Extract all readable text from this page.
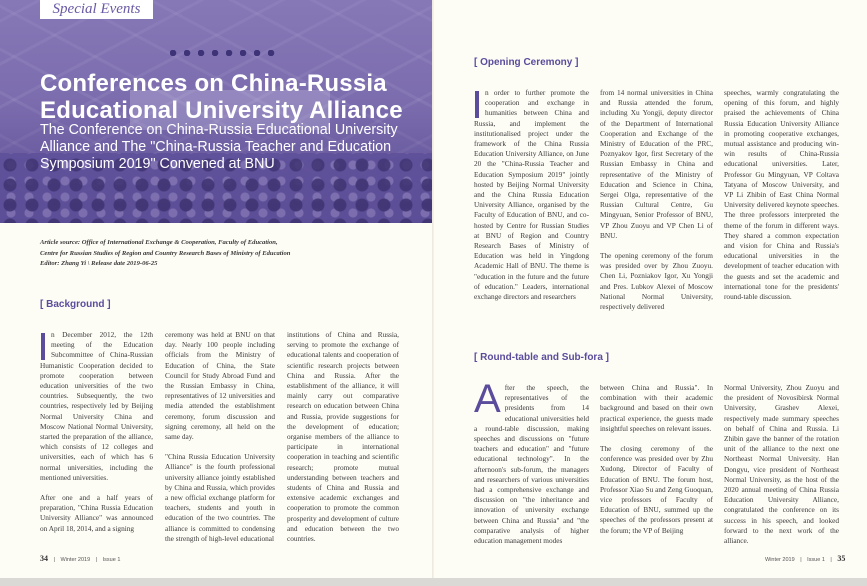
Special Events
Conferences on China-Russia Educational University Alliance
The Conference on China-Russia Educational University Alliance and The "China-Russia Teacher and Education Symposium 2019" Convened at BNU
Article source: Office of International Exchange & Cooperation, Faculty of Education,
Centre for Russian Studies of Region and Country Research Bases of Ministry of Education
Editor: Zhang Yi \ Release date 2019-06-25
[ Background ]

n December 2012, the 12th meeting of the Education Subcommittee of China-Russian Humanistic Cooperation decided to promote cooperation between education universities of the two countries. Subsequently, the two countries, respectively led by Beijing Normal University China and Moscow National Normal University, started the preparation of the alliance, which consists of 12 colleges and universities, each of which has 6 normal universities, including the mentioned universities.

After one and a half years of preparation, "China Russia Education University Alliance" was announced on April 18, 2014, and a signing

ceremony was held at BNU on that day. Nearly 100 people including officials from the Ministry of Education of China, the State Council for Study Abroad Fund and the Russian Embassy in China, representatives of 12 universities and media attended the establishment ceremony, forum discussion and signing ceremony, all held on the same day.

"China Russia Education University Alliance" is the fourth professional university alliance jointly established by China and Russia, which provides a new official exchange platform for teachers, students and youth in education of the two countries. The alliance is committed to condensing the strength of high-level educational

institutions of China and Russia, serving to promote the exchange of educational talents and cooperation of scientific research projects between China and Russia. After the establishment of the alliance, it will mainly carry out comparative research on education between China and Russia, provide suggestions for the development of education; organise members of the alliance to participate in international cooperation in teaching and scientific research; promote mutual understanding between teachers and students of China and Russia and extensive academic exchanges and cooperation to promote the common prosperity and development of culture and education between the two countries.

34 | Winter 2019 | Issue 1
[ Opening Ceremony ]

n order to further promote the cooperation and exchange in humanities between China and Russia, and implement the institutionalised project under the framework of the China Russia Education University Alliance, on June 20 the "China-Russia Teacher and Education Symposium 2019" jointly hosted by Beijing Normal University and the China Russia Education University Alliance, organised by the Faculty of Education of BNU, and co-hosted by Centre for Russian Studies at BNU of Region and Country Research Bases of Ministry of Education was held in Yingdong Academic Hall of BNU. The theme is "education in the future and the future of education." Leaders, international exchange directors and researchers

from 14 normal universities in China and Russia attended the forum, including Xu Yongji, deputy director of the Department of International Cooperation and Exchange of the Ministry of Education of the PRC, Poznyakov Igor, first Secretary of the Russian Embassy in China and representative of the Ministry of Education and Science in China, Sergei Olga, representative of the Russian Cultural Centre, Gu Mingyuan, Senior Professor of BNU, VP Zhou Zuoyu and VP Chen Li of BNU.

The opening ceremony of the forum was presided over by Zhou Zuoyu. Chen Li, Pozniakov Igor, Xu Yongji and Pres. Lubkov Alexei of Moscow National Normal University, respectively delivered

speeches, warmly congratulating the opening of this forum, and highly praised the achievements of China Russia Education University Alliance in promoting cooperative exchanges, mutual assistance and producing win-win results of China-Russia educational universities. Later, Professor Gu Mingyuan, VP Coltava Tatyana of Moscow University, and VP Li Zhibin of East China Normal University delivered keynote speeches. The three professors interpreted the theme of the forum in different ways. They shared a common expectation and vision for China and Russia's educational universities in the development of teacher education with the guests and set the academic and international tone for the presidents' round-table discussion.

[ Round-table and Sub-fora ]

After the speech, the representatives of the presidents from 14 educational universities held a round-table discussion, making speeches and discussions on "future teachers and education" and "future educational technology". In the afternoon's sub-forum, the managers and researchers of various universities had a comprehensive exchange and discussion on "the inheritance and innovation of university exchange between China and Russia" and "the comparative analysis of higher education management modes

between China and Russia". In combination with their academic background and based on their own practical experience, the guests made insightful speeches on relevant issues.

The closing ceremony of the conference was presided over by Zhu Xudong, Director of Faculty of Education of BNU. The forum host, Professor Xiao Su and Zeng Guoquan, vice professors of Faculty of Education of BNU, summed up the speeches of the professors present at the forum; the VP of Beijing

Normal University, Zhou Zuoyu and the president of Novosibirsk Normal University, Grashev Alexei, respectively made summary speeches on behalf of China and Russia. Li Zhibin gave the banner of the rotation unit of the alliance to the next one Northeast Normal University. Han Dongyu, vice president of Northeast Normal University, as the host of the 2020 annual meeting of China Russia Education University Alliance, congratulated the conference on its success in his speech, and looked forward to the next work of the alliance.

Winter 2019 | Issue 1 | 35
